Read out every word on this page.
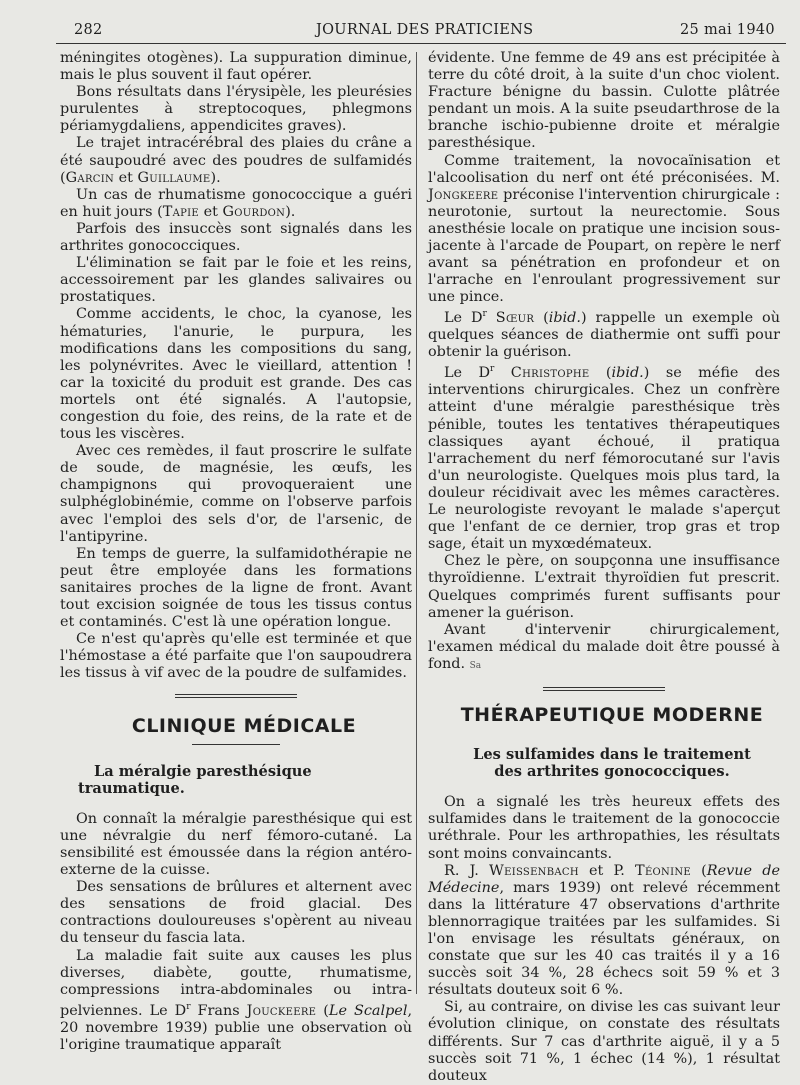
282	JOURNAL DES PRATICIENS	25 mai 1940

méningites otogènes). La suppuration diminue, mais le plus souvent il faut opérer.

Bons résultats dans l'érysipèle, les pleurésies purulentes à streptocoques, phlegmons périamygdaliens, appendicites graves).

Le trajet intracérébral des plaies du crâne a été saupoudré avec des poudres de sulfamidés (Garcin et Guillaume).

Un cas de rhumatisme gonococcique a guéri en huit jours (Tapie et Gourdon).

Parfois des insuccès sont signalés dans les arthrites gonococciques.

L'élimination se fait par le foie et les reins, accessoirement par les glandes salivaires ou prostatiques.

Comme accidents, le choc, la cyanose, les hématuries, l'anurie, le purpura, les modifications dans les compositions du sang, les polynévrites. Avec le vieillard, attention ! car la toxicité du produit est grande. Des cas mortels ont été signalés. A l'autopsie, congestion du foie, des reins, de la rate et de tous les viscères.

Avec ces remèdes, il faut proscrire le sulfate de soude, de magnésie, les œufs, les champignons qui provoqueraient une sulphéglobinémie, comme on l'observe parfois avec l'emploi des sels d'or, de l'arsenic, de l'antipyrine.

En temps de guerre, la sulfamidothérapie ne peut être employée dans les formations sanitaires proches de la ligne de front. Avant tout excision soignée de tous les tissus contus et contaminés. C'est là une opération longue.

Ce n'est qu'après qu'elle est terminée et que l'hémostase a été parfaite que l'on saupoudrera les tissus à vif avec de la poudre de sulfamides.

CLINIQUE MÉDICALE

La méralgie paresthésique traumatique.

On connaît la méralgie paresthésique qui est une névralgie du nerf fémoro-cutané. La sensibilité est émoussée dans la région antéro-externe de la cuisse.

Des sensations de brûlures et alternent avec des sensations de froid glacial. Des contractions douloureuses s'opèrent au niveau du tenseur du fascia lata.

La maladie fait suite aux causes les plus diverses, diabète, goutte, rhumatisme, compressions intra-abdominales ou intra-pelviennes. Le $D^r$ Frans Jouckeere (Le Scalpel, 20 novembre 1939) publie une observation où l'origine traumatique apparaît

évidente. Une femme de 49 ans est précipitée à terre du côté droit, à la suite d'un choc violent. Fracture bénigne du bassin. Culotte plâtrée pendant un mois. A la suite pseudarthrose de la branche ischio-pubienne droite et méralgie paresthésique.

Comme traitement, la novocaïnisation et l'alcoolisation du nerf ont été préconisées. M. Jongkeere préconise l'intervention chirurgicale : neurotonie, surtout la neurectomie. Sous anesthésie locale on pratique une incision sous-jacente à l'arcade de Poupart, on repère le nerf avant sa pénétration en profondeur et on l'arrache en l'enroulant progressivement sur une pince.

Le $D^r$ Sœur (ibid.) rappelle un exemple où quelques séances de diathermie ont suffi pour obtenir la guérison.

Le $D^r$ Christophe (ibid.) se méfie des interventions chirurgicales. Chez un confrère atteint d'une méralgie paresthésique très pénible, toutes les tentatives thérapeutiques classiques ayant échoué, il pratiqua l'arrachement du nerf fémorocutané sur l'avis d'un neurologiste. Quelques mois plus tard, la douleur récidivait avec les mêmes caractères. Le neurologiste revoyant le malade s'aperçut que l'enfant de ce dernier, trop gras et trop sage, était un myxœdémateux.

Chez le père, on soupçonna une insuffisance thyroïdienne. L'extrait thyroïdien fut prescrit. Quelques comprimés furent suffisants pour amener la guérison.

Avant d'intervenir chirurgicalement, l'examen médical du malade doit être poussé à fond. Sa

THÉRAPEUTIQUE MODERNE

Les sulfamides dans le traitement

des arthrites gonococciques.

On a signalé les très heureux effets des sulfamides dans le traitement de la gonococcie uréthrale. Pour les arthropathies, les résultats sont moins convaincants.

R. J. Weissenbach et P. Téonine (Revue de Médecine, mars 1939) ont relevé récemment dans la littérature 47 observations d'arthrite blennorragique traitées par les sulfamides. Si l'on envisage les résultats généraux, on constate que sur les 40 cas traités il y a 16 succès soit 34 %, 28 échecs soit 59 % et 3 résultats douteux soit 6 %.

Si, au contraire, on divise les cas suivant leur évolution clinique, on constate des résultats différents. Sur 7 cas d'arthrite aiguë, il y a 5 succès soit 71 %, 1 échec (14 %), 1 résultat douteux
